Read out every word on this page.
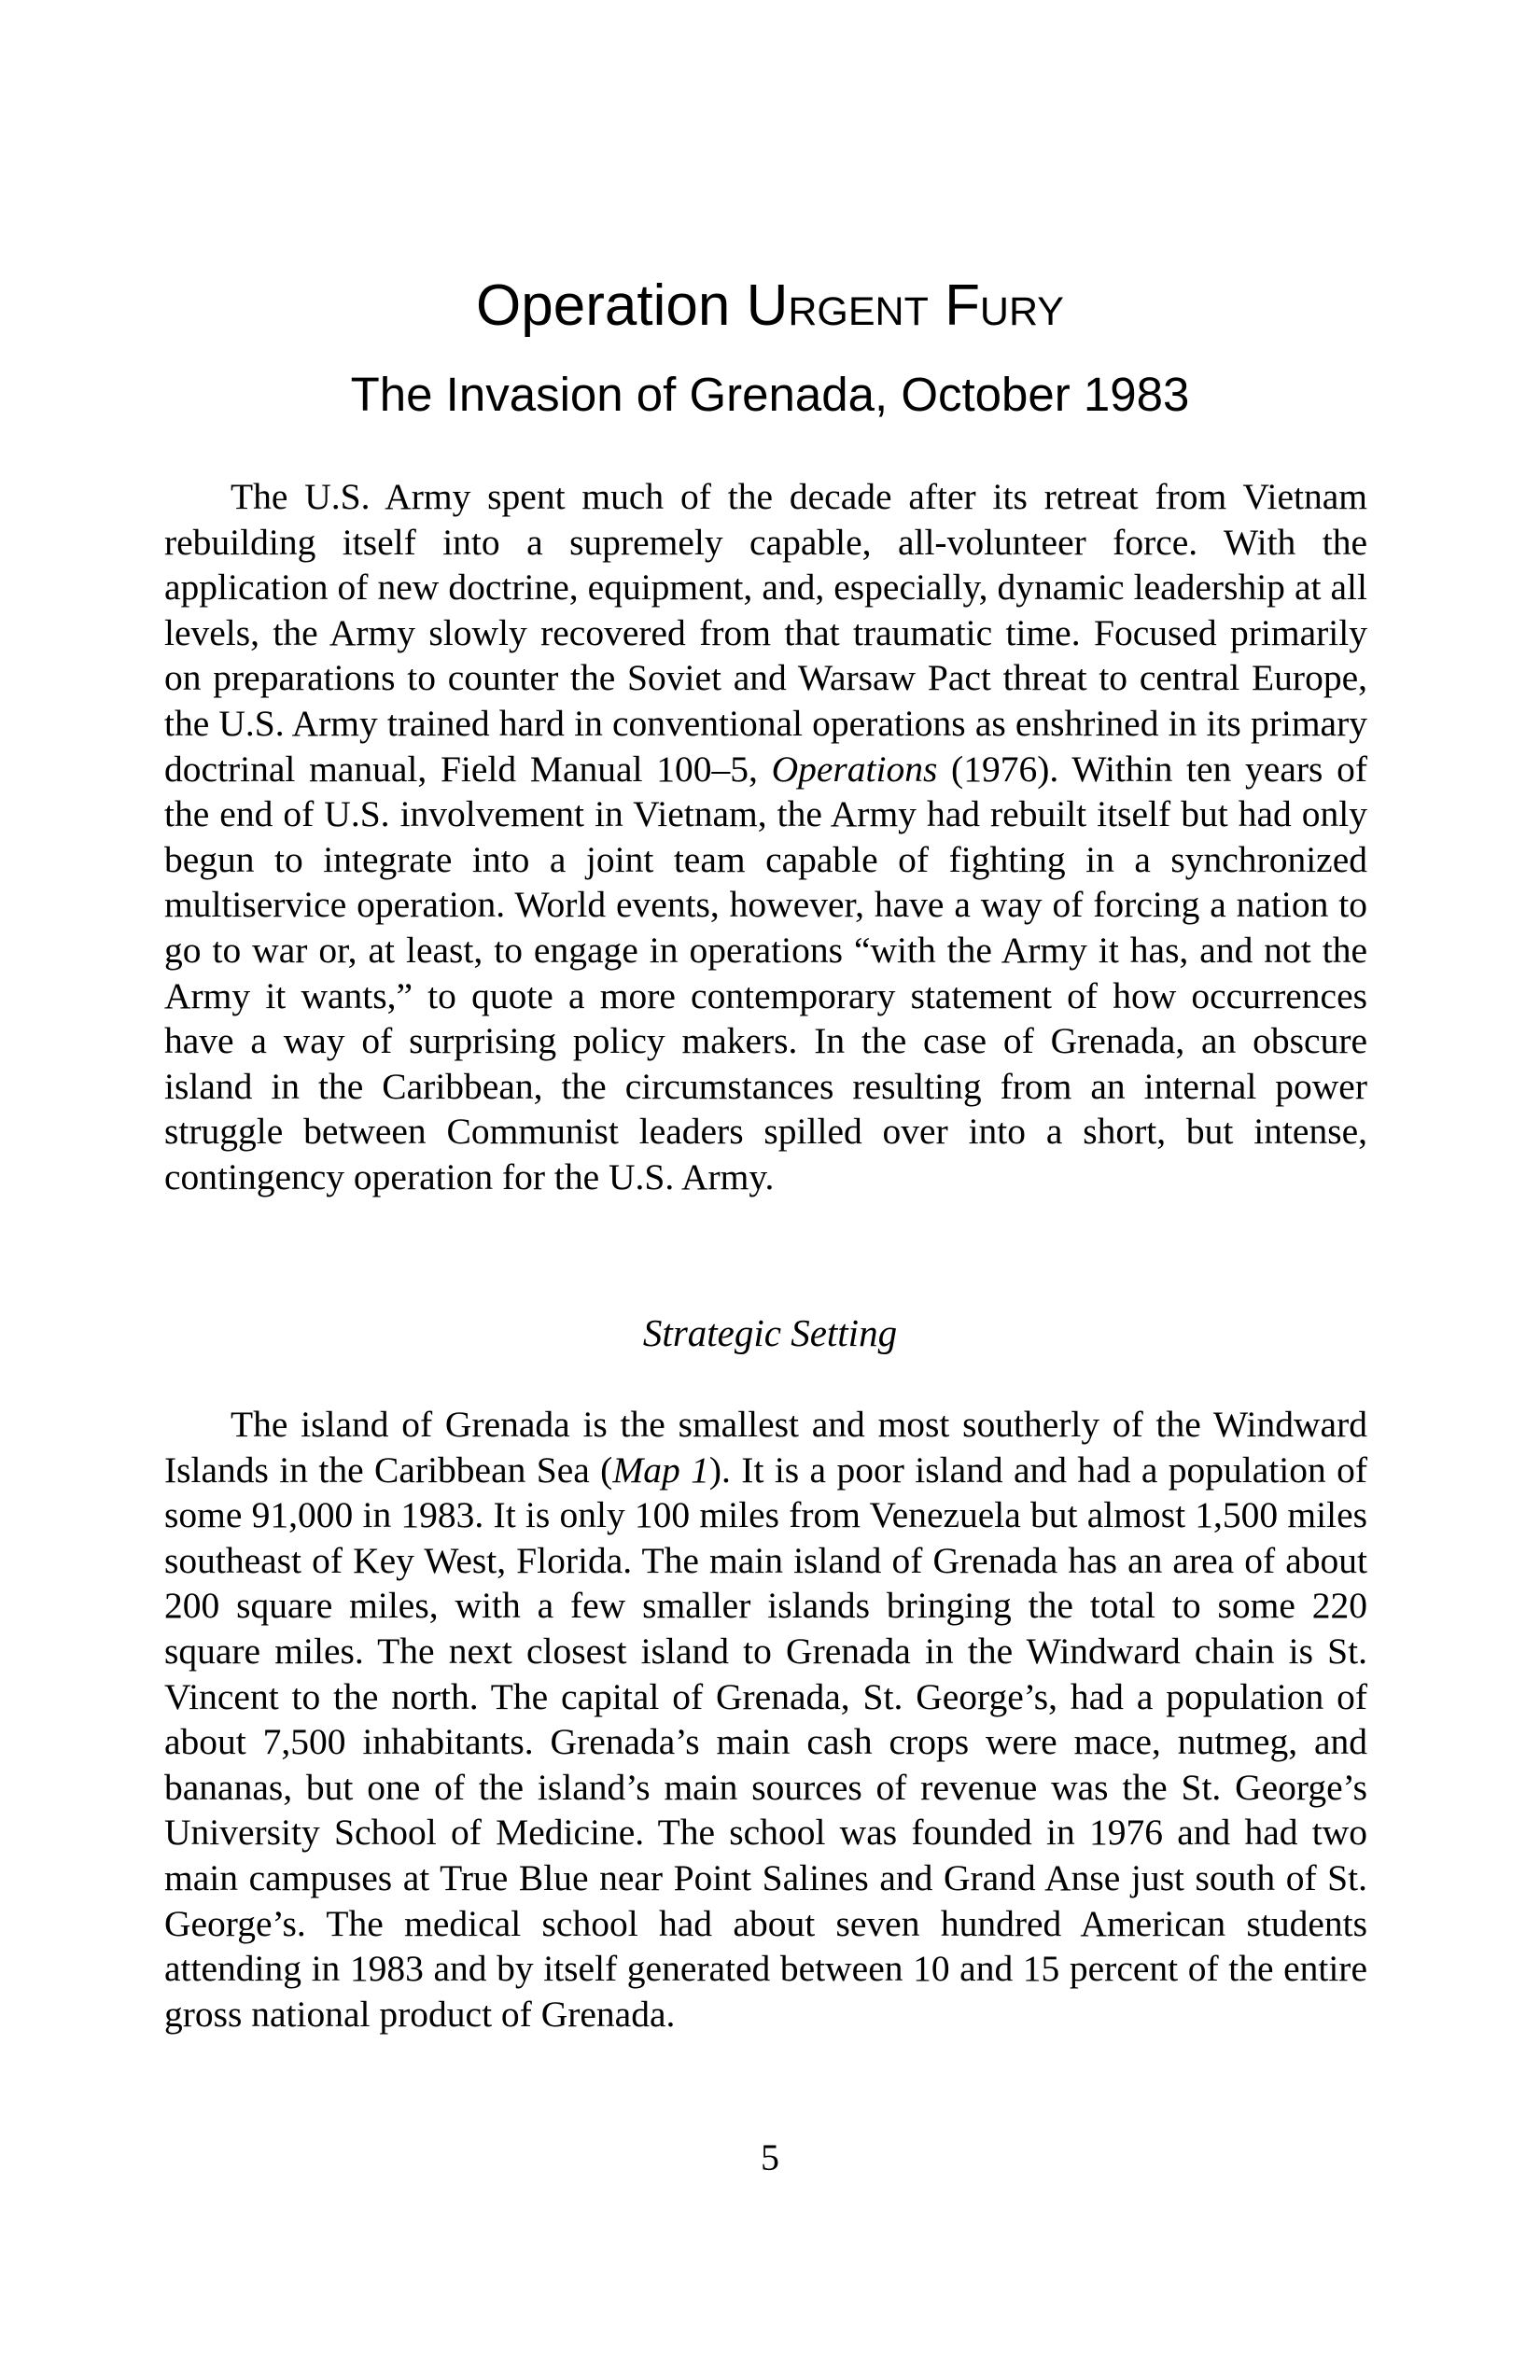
Operation Urgent Fury
The Invasion of Grenada, October 1983

The U.S. Army spent much of the decade after its retreat from Vietnam rebuilding itself into a supremely capable, all-volunteer force. With the application of new doctrine, equipment, and, especially, dynamic leadership at all levels, the Army slowly recovered from that traumatic time. Focused primarily on preparations to counter the Soviet and Warsaw Pact threat to central Europe, the U.S. Army trained hard in conventional operations as enshrined in its primary doctrinal manual, Field Manual 100–5, Operations (1976). Within ten years of the end of U.S. involvement in Vietnam, the Army had rebuilt itself but had only begun to integrate into a joint team capable of fighting in a synchronized multiservice operation. World events, however, have a way of forcing a nation to go to war or, at least, to engage in operations “with the Army it has, and not the Army it wants,” to quote a more contemporary statement of how occurrences have a way of surprising policy makers. In the case of Grenada, an obscure island in the Caribbean, the circumstances resulting from an internal power struggle between Communist leaders spilled over into a short, but intense, contingency operation for the U.S. Army.

Strategic Setting

The island of Grenada is the smallest and most southerly of the Windward Islands in the Caribbean Sea (Map 1). It is a poor island and had a population of some 91,000 in 1983. It is only 100 miles from Venezuela but almost 1,500 miles southeast of Key West, Florida. The main island of Grenada has an area of about 200 square miles, with a few smaller islands bringing the total to some 220 square miles. The next closest island to Grenada in the Windward chain is St. Vincent to the north. The capital of Grenada, St. George’s, had a population of about 7,500 inhabitants. Grenada’s main cash crops were mace, nutmeg, and bananas, but one of the island’s main sources of revenue was the St. George’s University School of Medicine. The school was founded in 1976 and had two main campuses at True Blue near Point Salines and Grand Anse just south of St. George’s. The medical school had about seven hundred American students attending in 1983 and by itself generated between 10 and 15 percent of the entire gross national product of Grenada.

5
